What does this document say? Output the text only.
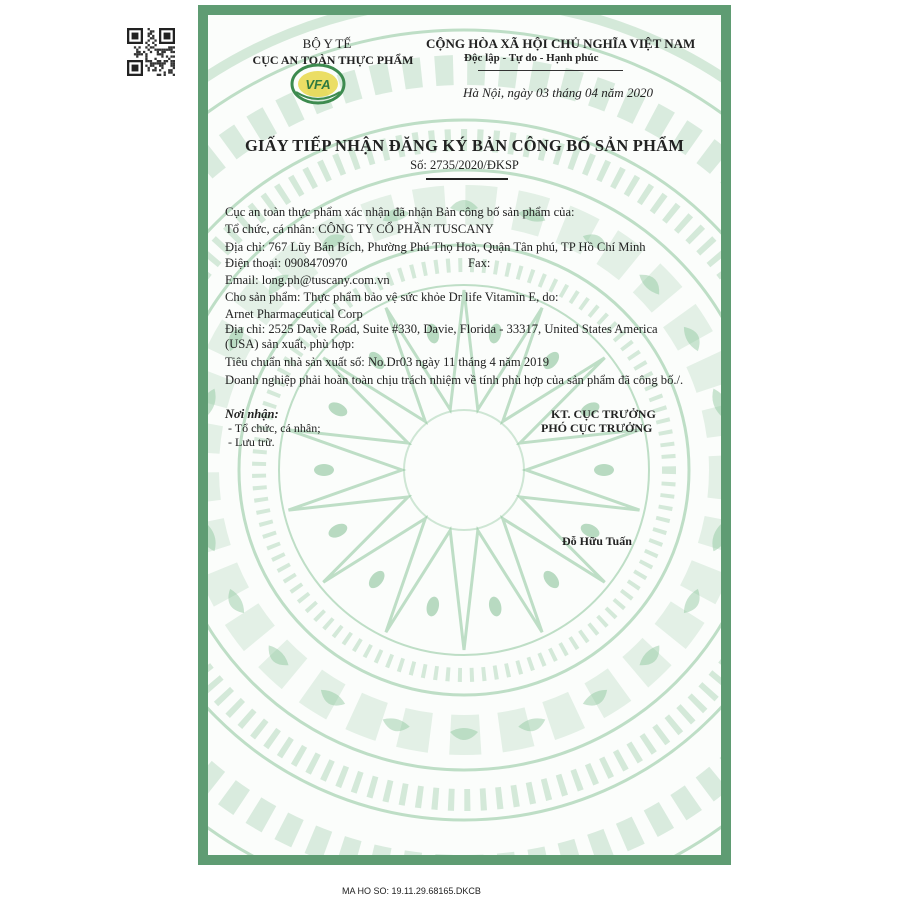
BỘ Y TẾ
CỤC AN TOÀN THỰC PHẨM
VFA
CỘNG HÒA XÃ HỘI CHỦ NGHĨA VIỆT NAM
Độc lập - Tự do - Hạnh phúc
Hà Nội, ngày 03 tháng 04 năm 2020
GIẤY TIẾP NHẬN ĐĂNG KÝ BẢN CÔNG BỐ SẢN PHẨM
Số: 2735/2020/ĐKSP
Cục an toàn thực phẩm xác nhận đã nhận Bản công bố sản phẩm của:
Tổ chức, cá nhân: CÔNG TY CỔ PHẦN TUSCANY
Địa chỉ: 767 Lũy Bán Bích, Phường Phú Thọ Hoà, Quận Tân phú, TP Hồ Chí Minh
Điện thoại: 0908470970	Fax:
Email: long.ph@tuscany.com.vn
Cho sản phẩm: Thực phẩm bảo vệ sức khỏe Dr life Vitamin E, do:
Arnet Pharmaceutical Corp
Địa chỉ: 2525 Davie Road, Suite #330, Davie, Florida - 33317, United States America
(USA) sản xuất, phù hợp:
Tiêu chuẩn nhà sản xuất số: No.Dr03 ngày 11 tháng 4 năm 2019
Doanh nghiệp phải hoàn toàn chịu trách nhiệm về tính phù hợp của sản phẩm đã công bố./.
Nơi nhận:
- Tổ chức, cá nhân;
- Lưu trữ.
KT. CỤC TRƯỞNG
PHÓ CỤC TRƯỞNG
Đỗ Hữu Tuấn
MA HO SO: 19.11.29.68165.DKCB
